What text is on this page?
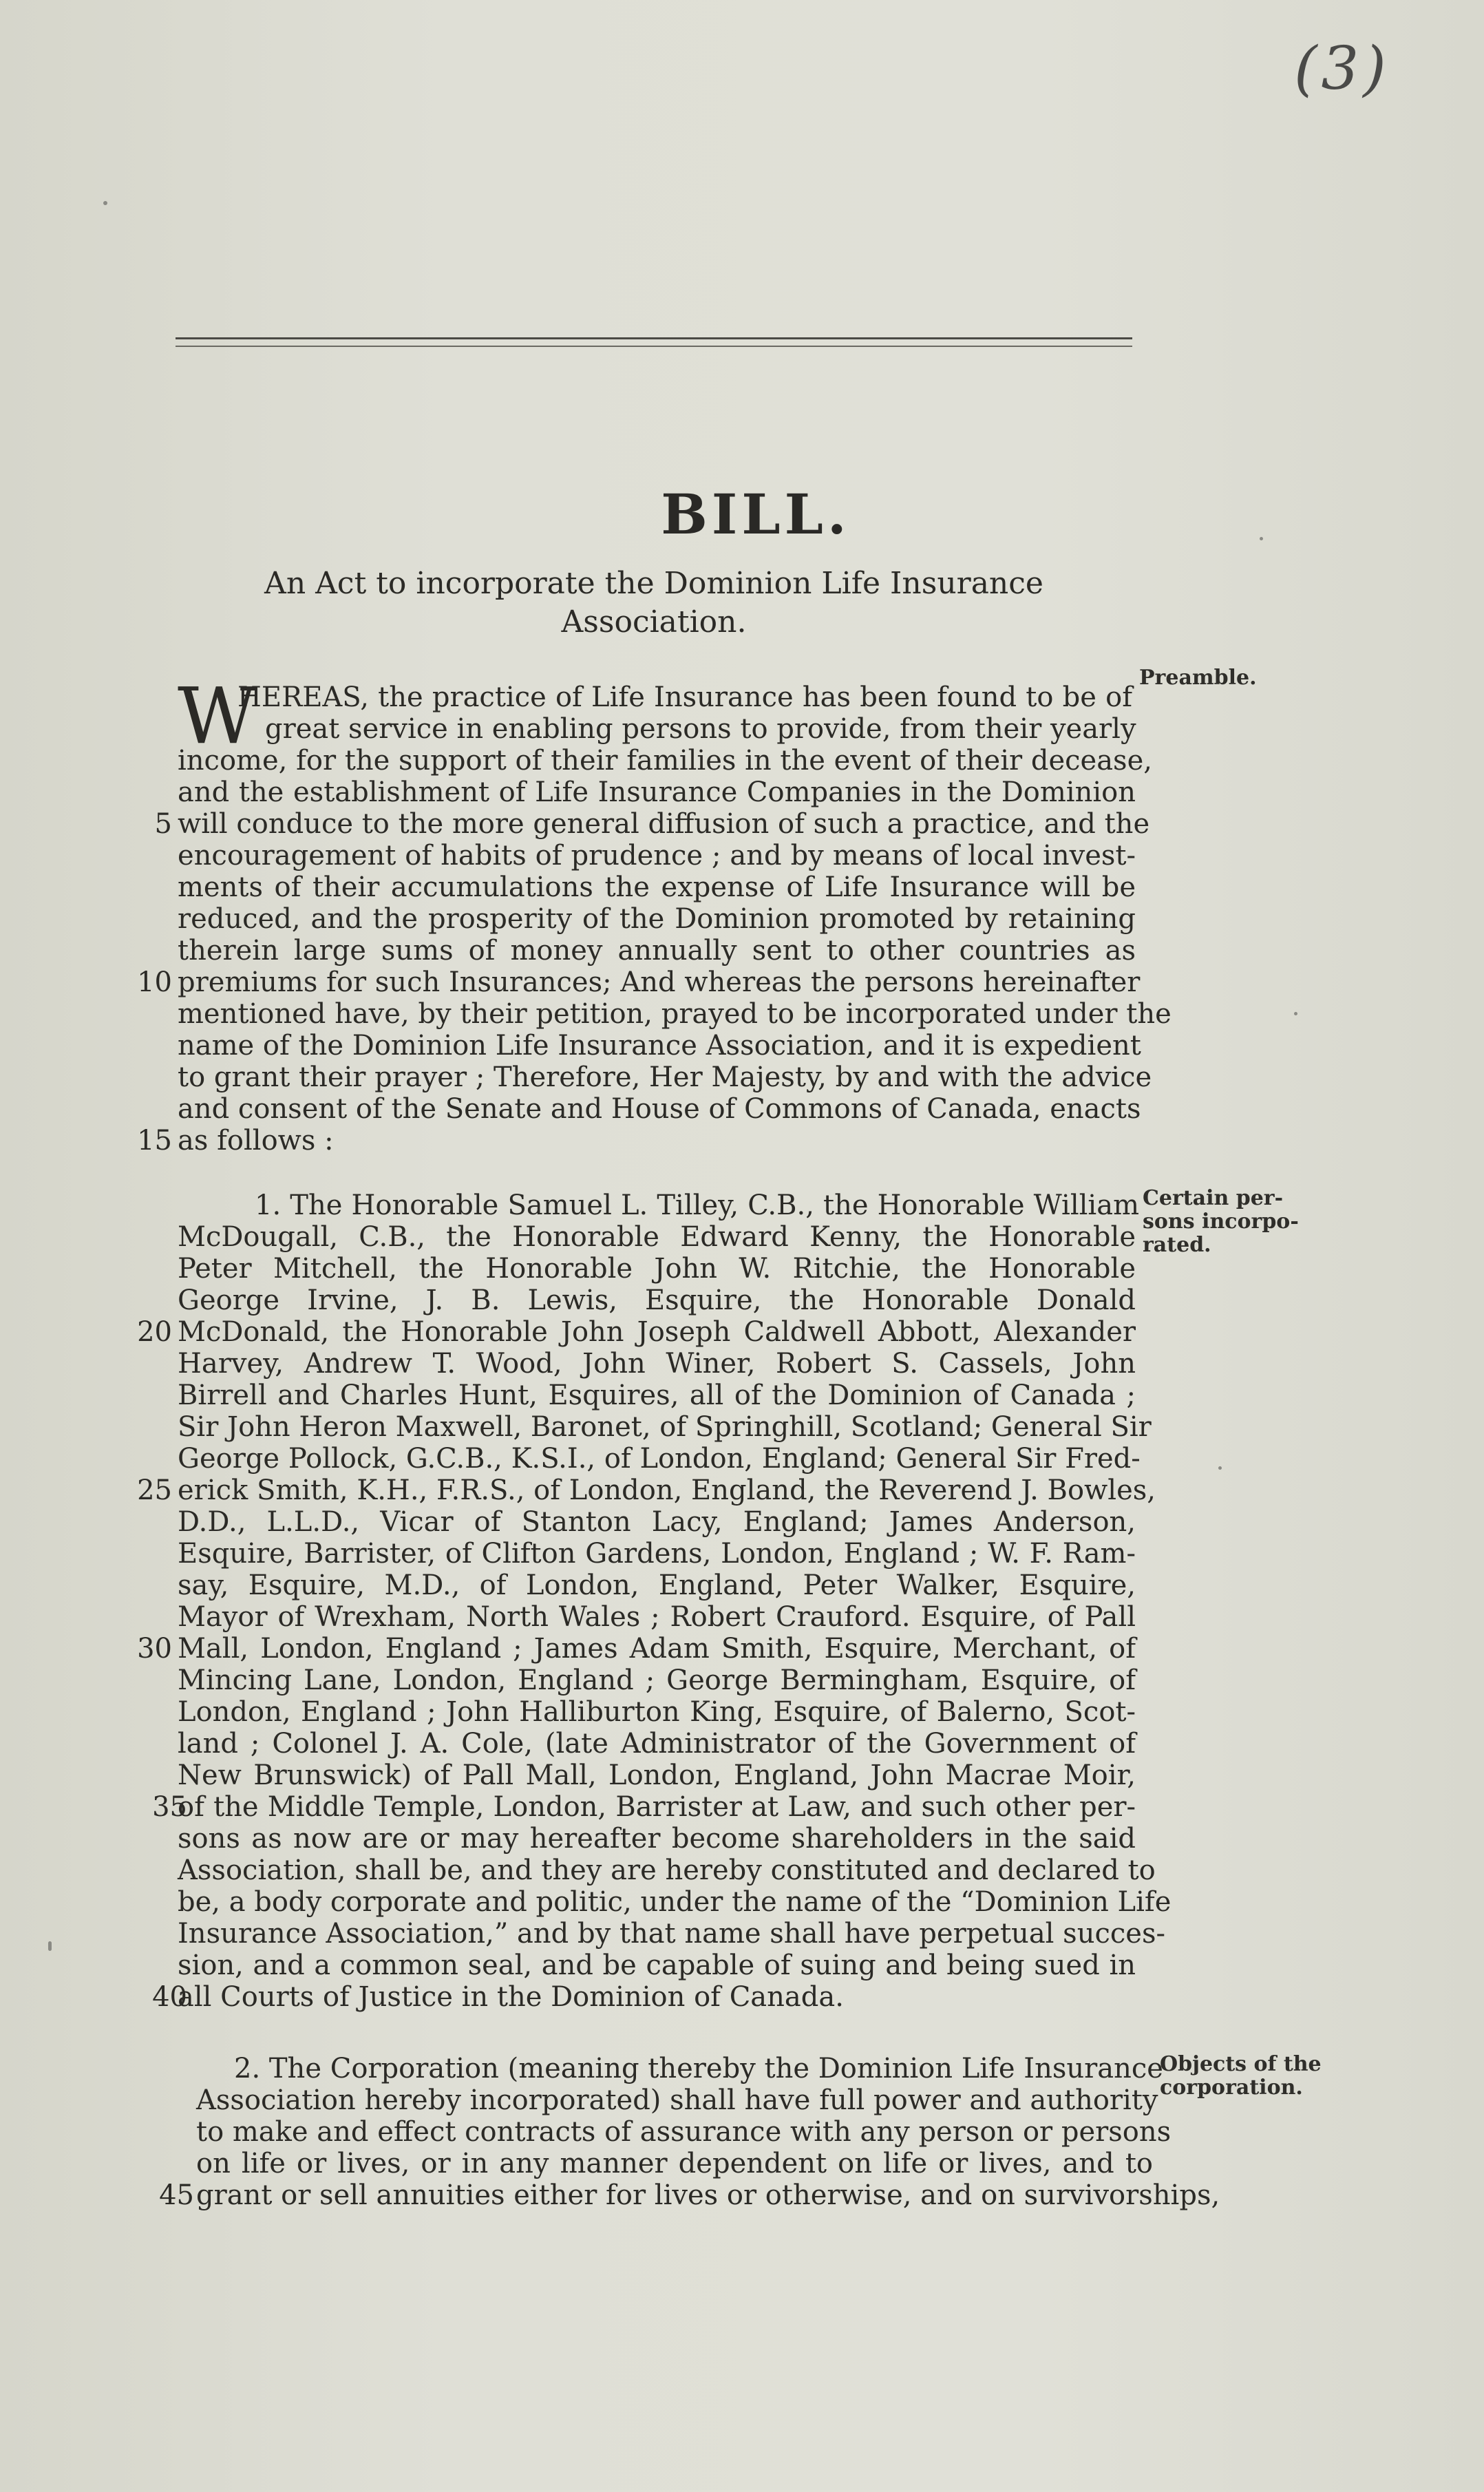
(3)
BILL.
An Act to incorporate the Dominion Life Insurance
Association.
W
HEREAS, the practice of Life Insurance has been found to be of
great service in enabling persons to provide, from their yearly
income, for the support of their families in the event of their decease,
and the establishment of Life Insurance Companies in the Dominion
will conduce to the more general diffusion of such a practice, and the
encouragement of habits of prudence ; and by means of local invest-
ments of their accumulations the expense of Life Insurance will be
reduced, and the prosperity of the Dominion promoted by retaining
therein large sums of money annually sent to other countries as
premiums for such Insurances; And whereas the persons hereinafter
mentioned have, by their petition, prayed to be incorporated under the
name of the Dominion Life Insurance Association, and it is expedient
to grant their prayer ; Therefore, Her Majesty, by and with the advice
and consent of the Senate and House of Commons of Canada, enacts
as follows :
1. The Honorable Samuel L. Tilley, C.B., the Honorable William
McDougall, C.B., the Honorable Edward Kenny, the Honorable
Peter Mitchell, the Honorable John W. Ritchie, the Honorable
George Irvine, J. B. Lewis, Esquire, the Honorable Donald
McDonald, the Honorable John Joseph Caldwell Abbott, Alexander
Harvey, Andrew T. Wood, John Winer, Robert S. Cassels, John
Birrell and Charles Hunt, Esquires, all of the Dominion of Canada ;
Sir John Heron Maxwell, Baronet, of Springhill, Scotland; General Sir
George Pollock, G.C.B., K.S.I., of London, England; General Sir Fred-
erick Smith, K.H., F.R.S., of London, England, the Reverend J. Bowles,
D.D., L.L.D., Vicar of Stanton Lacy, England; James Anderson,
Esquire, Barrister, of Clifton Gardens, London, England ; W. F. Ram-
say, Esquire, M.D., of London, England, Peter Walker, Esquire,
Mayor of Wrexham, North Wales ; Robert Crauford. Esquire, of Pall
Mall, London, England ; James Adam Smith, Esquire, Merchant, of
Mincing Lane, London, England ; George Bermingham, Esquire, of
London, England ; John Halliburton King, Esquire, of Balerno, Scot-
land ; Colonel J. A. Cole, (late Administrator of the Government of
New Brunswick) of Pall Mall, London, England, John Macrae Moir,
of the Middle Temple, London, Barrister at Law, and such other per-
sons as now are or may hereafter become shareholders in the said
Association, shall be, and they are hereby constituted and declared to
be, a body corporate and politic, under the name of the “Dominion Life
Insurance Association,” and by that name shall have perpetual succes-
sion, and a common seal, and be capable of suing and being sued in
all Courts of Justice in the Dominion of Canada.
2. The Corporation (meaning thereby the Dominion Life Insurance
Association hereby incorporated) shall have full power and authority
to make and effect contracts of assurance with any person or persons
on life or lives, or in any manner dependent on life or lives, and to
grant or sell annuities either for lives or otherwise, and on survivorships,
5
10
15
20
25
30
35
40
45
Preamble.
Certain per-
sons incorpo-
rated.
Objects of the
corporation.
